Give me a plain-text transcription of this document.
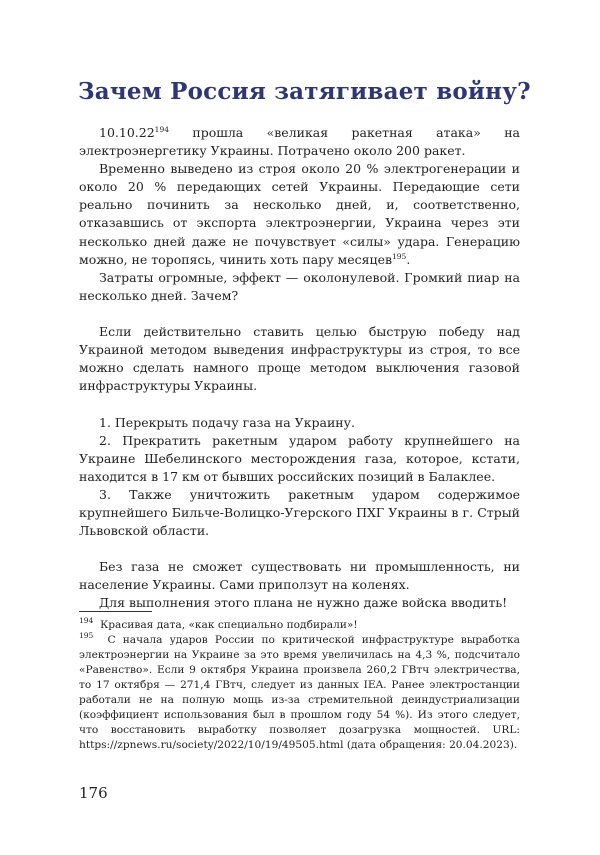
Зачем Россия затягивает войну?

10.10.22$^{194}$ прошла «великая ракетная атака» на электроэнергетику Украины. Потрачено около 200 ракет.

Временно выведено из строя около 20 % электрогенерации и около 20 % передающих сетей Украины. Передающие сети реально починить за несколько дней, и, соответственно, отказавшись от экспорта электроэнергии, Украина через эти несколько дней даже не почувствует «силы» удара. Генерацию можно, не торопясь, чинить хоть пару месяцев$^{195}$.

Затраты огромные, эффект — околонулевой. Громкий пиар на несколько дней. Зачем?

Если действительно ставить целью быструю победу над Украиной методом выведения инфраструктуры из строя, то все можно сделать намного проще методом выключения газовой инфраструктуры Украины.

1. Перекрыть подачу газа на Украину.

2. Прекратить ракетным ударом работу крупнейшего на Украине Шебелинского месторождения газа, которое, кстати, находится в 17 км от бывших российских позиций в Балаклее.

3. Также уничтожить ракетным ударом содержимое крупнейшего Бильче-Волицко-Угерского ПХГ Украины в г. Стрый Львовской области.

Без газа не сможет существовать ни промышленность, ни население Украины. Сами приползут на коленях.

Для выполнения этого плана не нужно даже войска вводить!

$^{194}$ Красивая дата, «как специально подбирали»!

$^{195}$ С начала ударов России по критической инфраструктуре выработка электроэнергии на Украине за это время увеличилась на 4,3 %, подсчитало «Равенство». Если 9 октября Украина произвела 260,2 ГВтч электричества, то 17 октября — 271,4 ГВтч, следует из данных IEA. Ранее электростанции работали не на полную мощь из-за стремительной деиндустриализации (коэффициент использования был в прошлом году 54 %). Из этого следует, что восстановить выработку позволяет дозагрузка мощностей. URL: https://zpnews.ru/society/2022/10/19/49505.html (дата обращения: 20.04.2023).

176
